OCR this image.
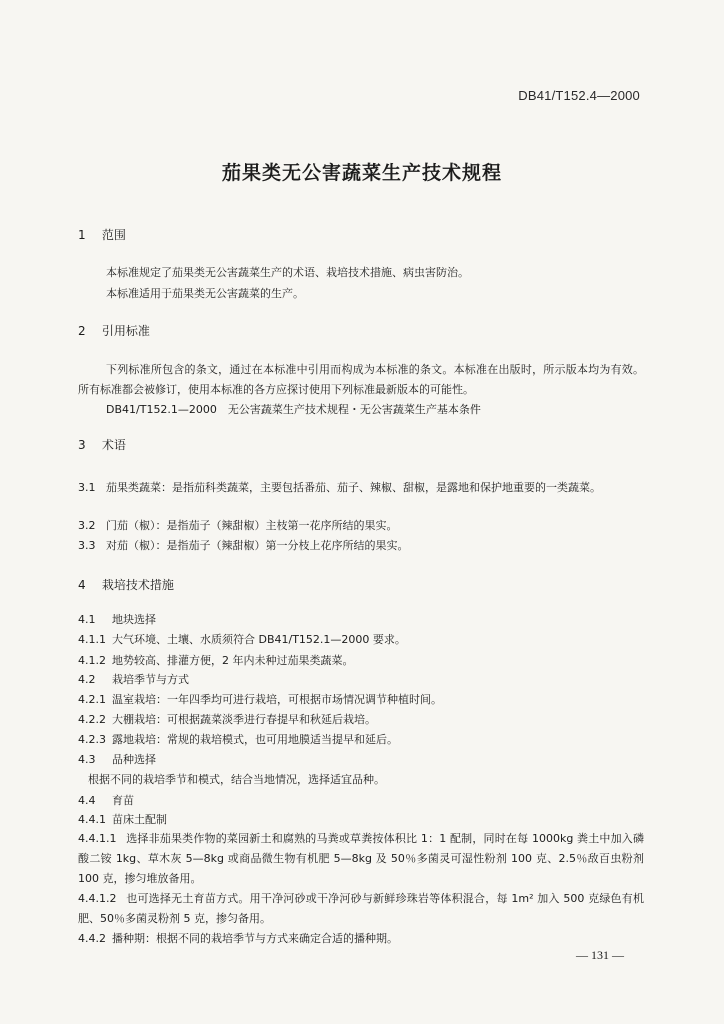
DB41/T152.4—2000
茄果类无公害蔬菜生产技术规程
1 范围
本标准规定了茄果类无公害蔬菜生产的术语、栽培技术措施、病虫害防治。
本标准适用于茄果类无公害蔬菜的生产。
2 引用标准
下列标准所包含的条文，通过在本标准中引用而构成为本标准的条文。本标准在出版时，所示版本均为有效。所有标准都会被修订，使用本标准的各方应探讨使用下列标准最新版本的可能性。
DB41/T152.1—2000　无公害蔬菜生产技术规程・无公害蔬菜生产基本条件
3 术语
3.1 茄果类蔬菜：是指茄科类蔬菜，主要包括番茄、茄子、辣椒、甜椒，是露地和保护地重要的一类蔬菜。
3.2 门茄（椒）：是指茄子（辣甜椒）主枝第一花序所结的果实。
3.3 对茄（椒）：是指茄子（辣甜椒）第一分枝上花序所结的果实。
4 栽培技术措施
4.1 地块选择
4.1.1 大气环境、土壤、水质须符合 DB41/T152.1—2000 要求。
4.1.2 地势较高、排灌方便，2 年内未种过茄果类蔬菜。
4.2 栽培季节与方式
4.2.1 温室栽培：一年四季均可进行栽培，可根据市场情况调节种植时间。
4.2.2 大棚栽培：可根据蔬菜淡季进行春提早和秋延后栽培。
4.2.3 露地栽培：常规的栽培模式，也可用地膜适当提早和延后。
4.3 品种选择
根据不同的栽培季节和模式，结合当地情况，选择适宜品种。
4.4 育苗
4.4.1 苗床土配制
4.4.1.1 选择非茄果类作物的菜园新土和腐熟的马粪或草粪按体积比 1：1 配制，同时在每 1000kg 粪土中加入磷酸二铵 1kg、草木灰 5—8kg 或商品微生物有机肥 5—8kg 及 50％多菌灵可湿性粉剂 100 克、2.5％敌百虫粉剂 100 克，掺匀堆放备用。
4.4.1.2 也可选择无土育苗方式。用干净河砂或干净河砂与新鲜珍珠岩等体积混合，每 1m² 加入 500 克绿色有机肥、50％多菌灵粉剂 5 克，掺匀备用。
4.4.2 播种期：根据不同的栽培季节与方式来确定合适的播种期。
— 131 —
